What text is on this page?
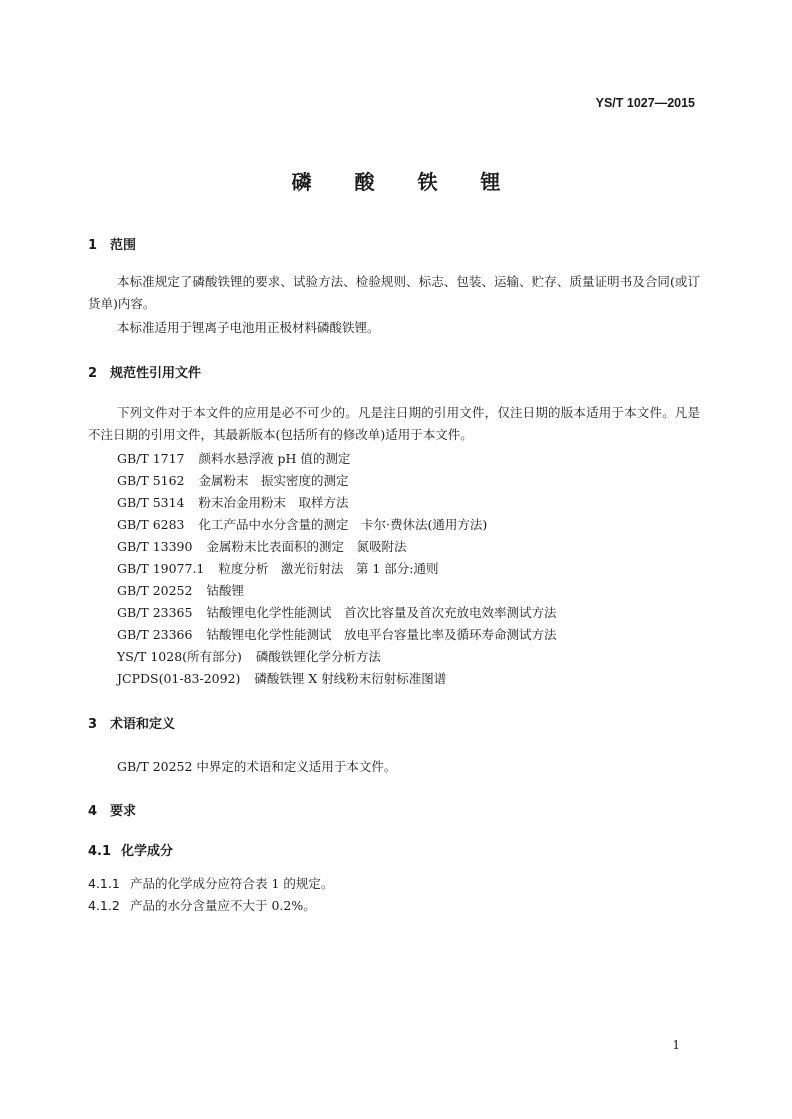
YS/T 1027—2015
磷 酸 铁 锂
1 范围
本标准规定了磷酸铁锂的要求、试验方法、检验规则、标志、包装、运输、贮存、质量证明书及合同(或订货单)内容。
本标准适用于锂离子电池用正极材料磷酸铁锂。
2 规范性引用文件
下列文件对于本文件的应用是必不可少的。凡是注日期的引用文件，仅注日期的版本适用于本文件。凡是不注日期的引用文件，其最新版本(包括所有的修改单)适用于本文件。
GB/T 1717 颜料水悬浮液 pH 值的测定
GB/T 5162 金属粉末　振实密度的测定
GB/T 5314 粉末冶金用粉末　取样方法
GB/T 6283 化工产品中水分含量的测定　卡尔·费休法(通用方法)
GB/T 13390 金属粉末比表面积的测定　氮吸附法
GB/T 19077.1 粒度分析　激光衍射法　第 1 部分:通则
GB/T 20252 钴酸锂
GB/T 23365 钴酸锂电化学性能测试　首次比容量及首次充放电效率测试方法
GB/T 23366 钴酸锂电化学性能测试　放电平台容量比率及循环寿命测试方法
YS/T 1028(所有部分) 磷酸铁锂化学分析方法
JCPDS(01-83-2092) 磷酸铁锂 X 射线粉末衍射标准图谱
3 术语和定义
GB/T 20252 中界定的术语和定义适用于本文件。
4 要求
4.1 化学成分
4.1.1 产品的化学成分应符合表 1 的规定。
4.1.2 产品的水分含量应不大于 0.2%。
1
